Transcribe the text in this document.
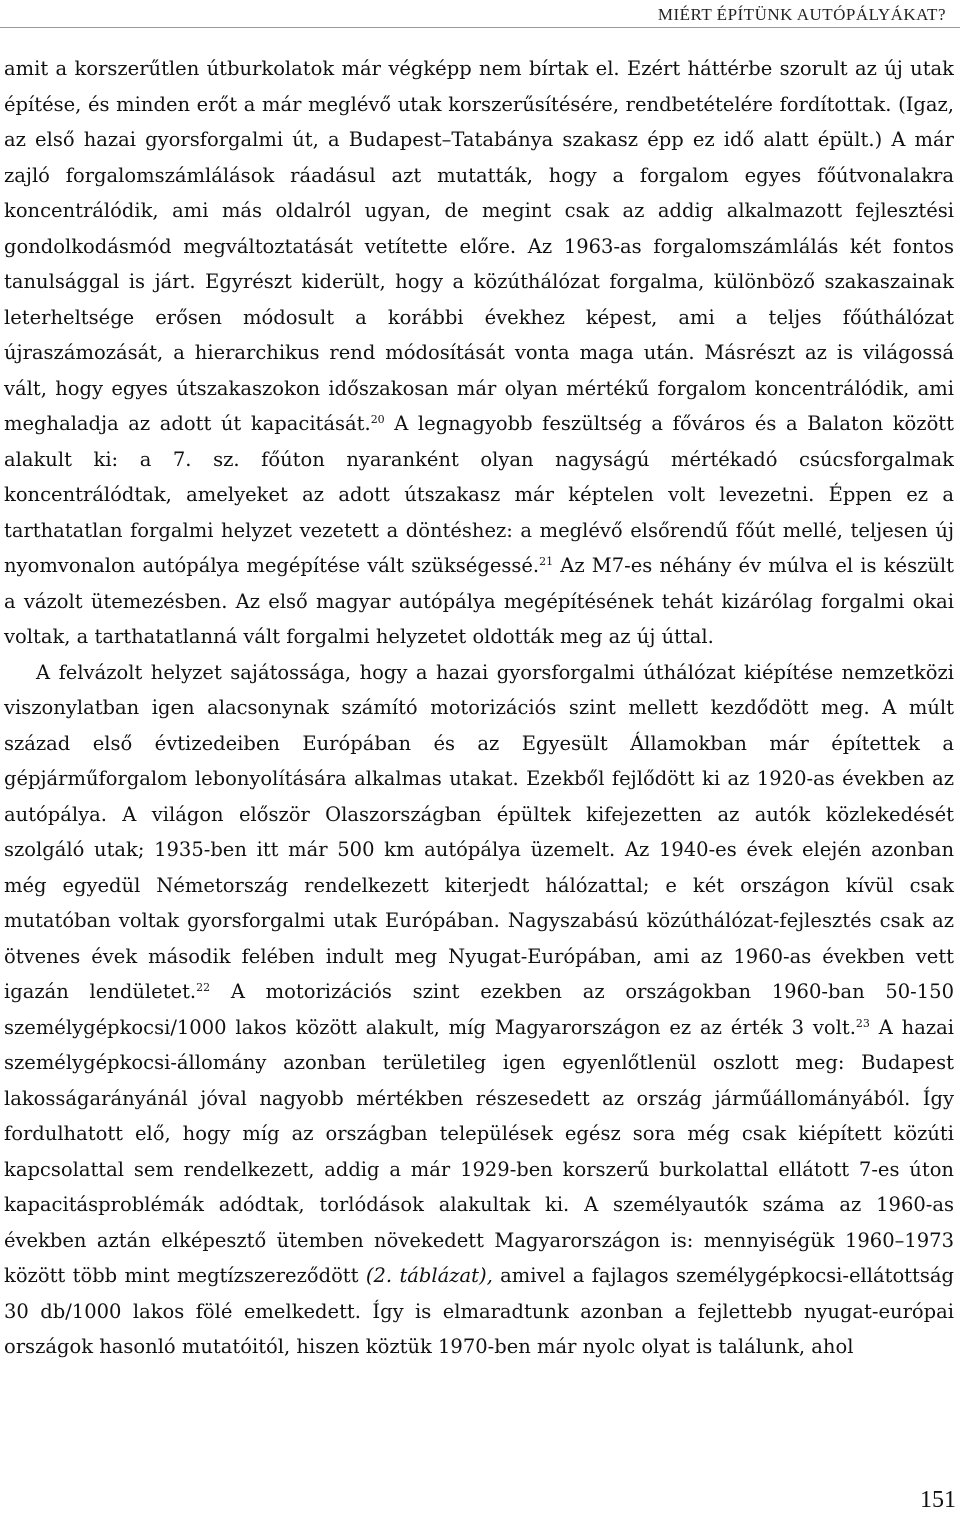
MIÉRT ÉPÍTÜNK AUTÓPÁLYÁKAT?

amit a korszerűtlen útburkolatok már végképp nem bírtak el. Ezért háttérbe szorult az új utak építése, és minden erőt a már meglévő utak korszerűsítésére, rendbetételére fordítottak. (Igaz, az első hazai gyorsforgalmi út, a Budapest–Tatabánya szakasz épp ez idő alatt épült.) A már zajló forgalomszámlálások ráadásul azt mutatták, hogy a forgalom egyes főútvonalakra koncentrálódik, ami más oldalról ugyan, de megint csak az addig alkalmazott fejlesztési gondolkodásmód megváltoztatását vetítette előre. Az 1963-as forgalomszámlálás két fontos tanulsággal is járt. Egyrészt kiderült, hogy a közúthálózat forgalma, különböző szakaszainak leterheltsége erősen módosult a korábbi évekhez képest, ami a teljes főúthálózat újraszámozását, a hierarchikus rend módosítását vonta maga után. Másrészt az is világossá vált, hogy egyes útszakaszokon időszakosan már olyan mértékű forgalom koncentrálódik, ami meghaladja az adott út kapacitását.$^{20}$ A legnagyobb feszültség a főváros és a Balaton között alakult ki: a 7. sz. főúton nyaranként olyan nagyságú mértékadó csúcsforgalmak koncentrálódtak, amelyeket az adott útszakasz már képtelen volt levezetni. Éppen ez a tarthatatlan forgalmi helyzet vezetett a döntéshez: a meglévő elsőrendű főút mellé, teljesen új nyomvonalon autópálya megépítése vált szükségessé.$^{21}$ Az M7-es néhány év múlva el is készült a vázolt ütemezésben. Az első magyar autópálya megépítésének tehát kizárólag forgalmi okai voltak, a tarthatatlanná vált forgalmi helyzetet oldották meg az új úttal.

A felvázolt helyzet sajátossága, hogy a hazai gyorsforgalmi úthálózat kiépítése nemzetközi viszonylatban igen alacsonynak számító motorizációs szint mellett kezdődött meg. A múlt század első évtizedeiben Európában és az Egyesült Államokban már építettek a gépjárműforgalom lebonyolítására alkalmas utakat. Ezekből fejlődött ki az 1920-as években az autópálya. A világon először Olaszországban épültek kifejezetten az autók közlekedését szolgáló utak; 1935-ben itt már 500 km autópálya üzemelt. Az 1940-es évek elején azonban még egyedül Németország rendelkezett kiterjedt hálózattal; e két országon kívül csak mutatóban voltak gyorsforgalmi utak Európában. Nagyszabású közúthálózat-fejlesztés csak az ötvenes évek második felében indult meg Nyugat-Európában, ami az 1960-as években vett igazán lendületet.$^{22}$ A motorizációs szint ezekben az országokban 1960-ban 50-150 személygépkocsi/1000 lakos között alakult, míg Magyarországon ez az érték 3 volt.$^{23}$ A hazai személygépkocsi-állomány azonban területileg igen egyenlőtlenül oszlott meg: Budapest lakosságarányánál jóval nagyobb mértékben részesedett az ország járműállományából. Így fordulhatott elő, hogy míg az országban települések egész sora még csak kiépített közúti kapcsolattal sem rendelkezett, addig a már 1929-ben korszerű burkolattal ellátott 7-es úton kapacitásproblémák adódtak, torlódások alakultak ki. A személyautók száma az 1960-as években aztán elképesztő ütemben növekedett Magyarországon is: mennyiségük 1960–1973 között több mint megtízszereződött (2. táblázat), amivel a fajlagos személygépkocsi-ellátottság 30 db/1000 lakos fölé emelkedett. Így is elmaradtunk azonban a fejlettebb nyugat-európai országok hasonló mutatóitól, hiszen köztük 1970-ben már nyolc olyat is találunk, ahol

151
